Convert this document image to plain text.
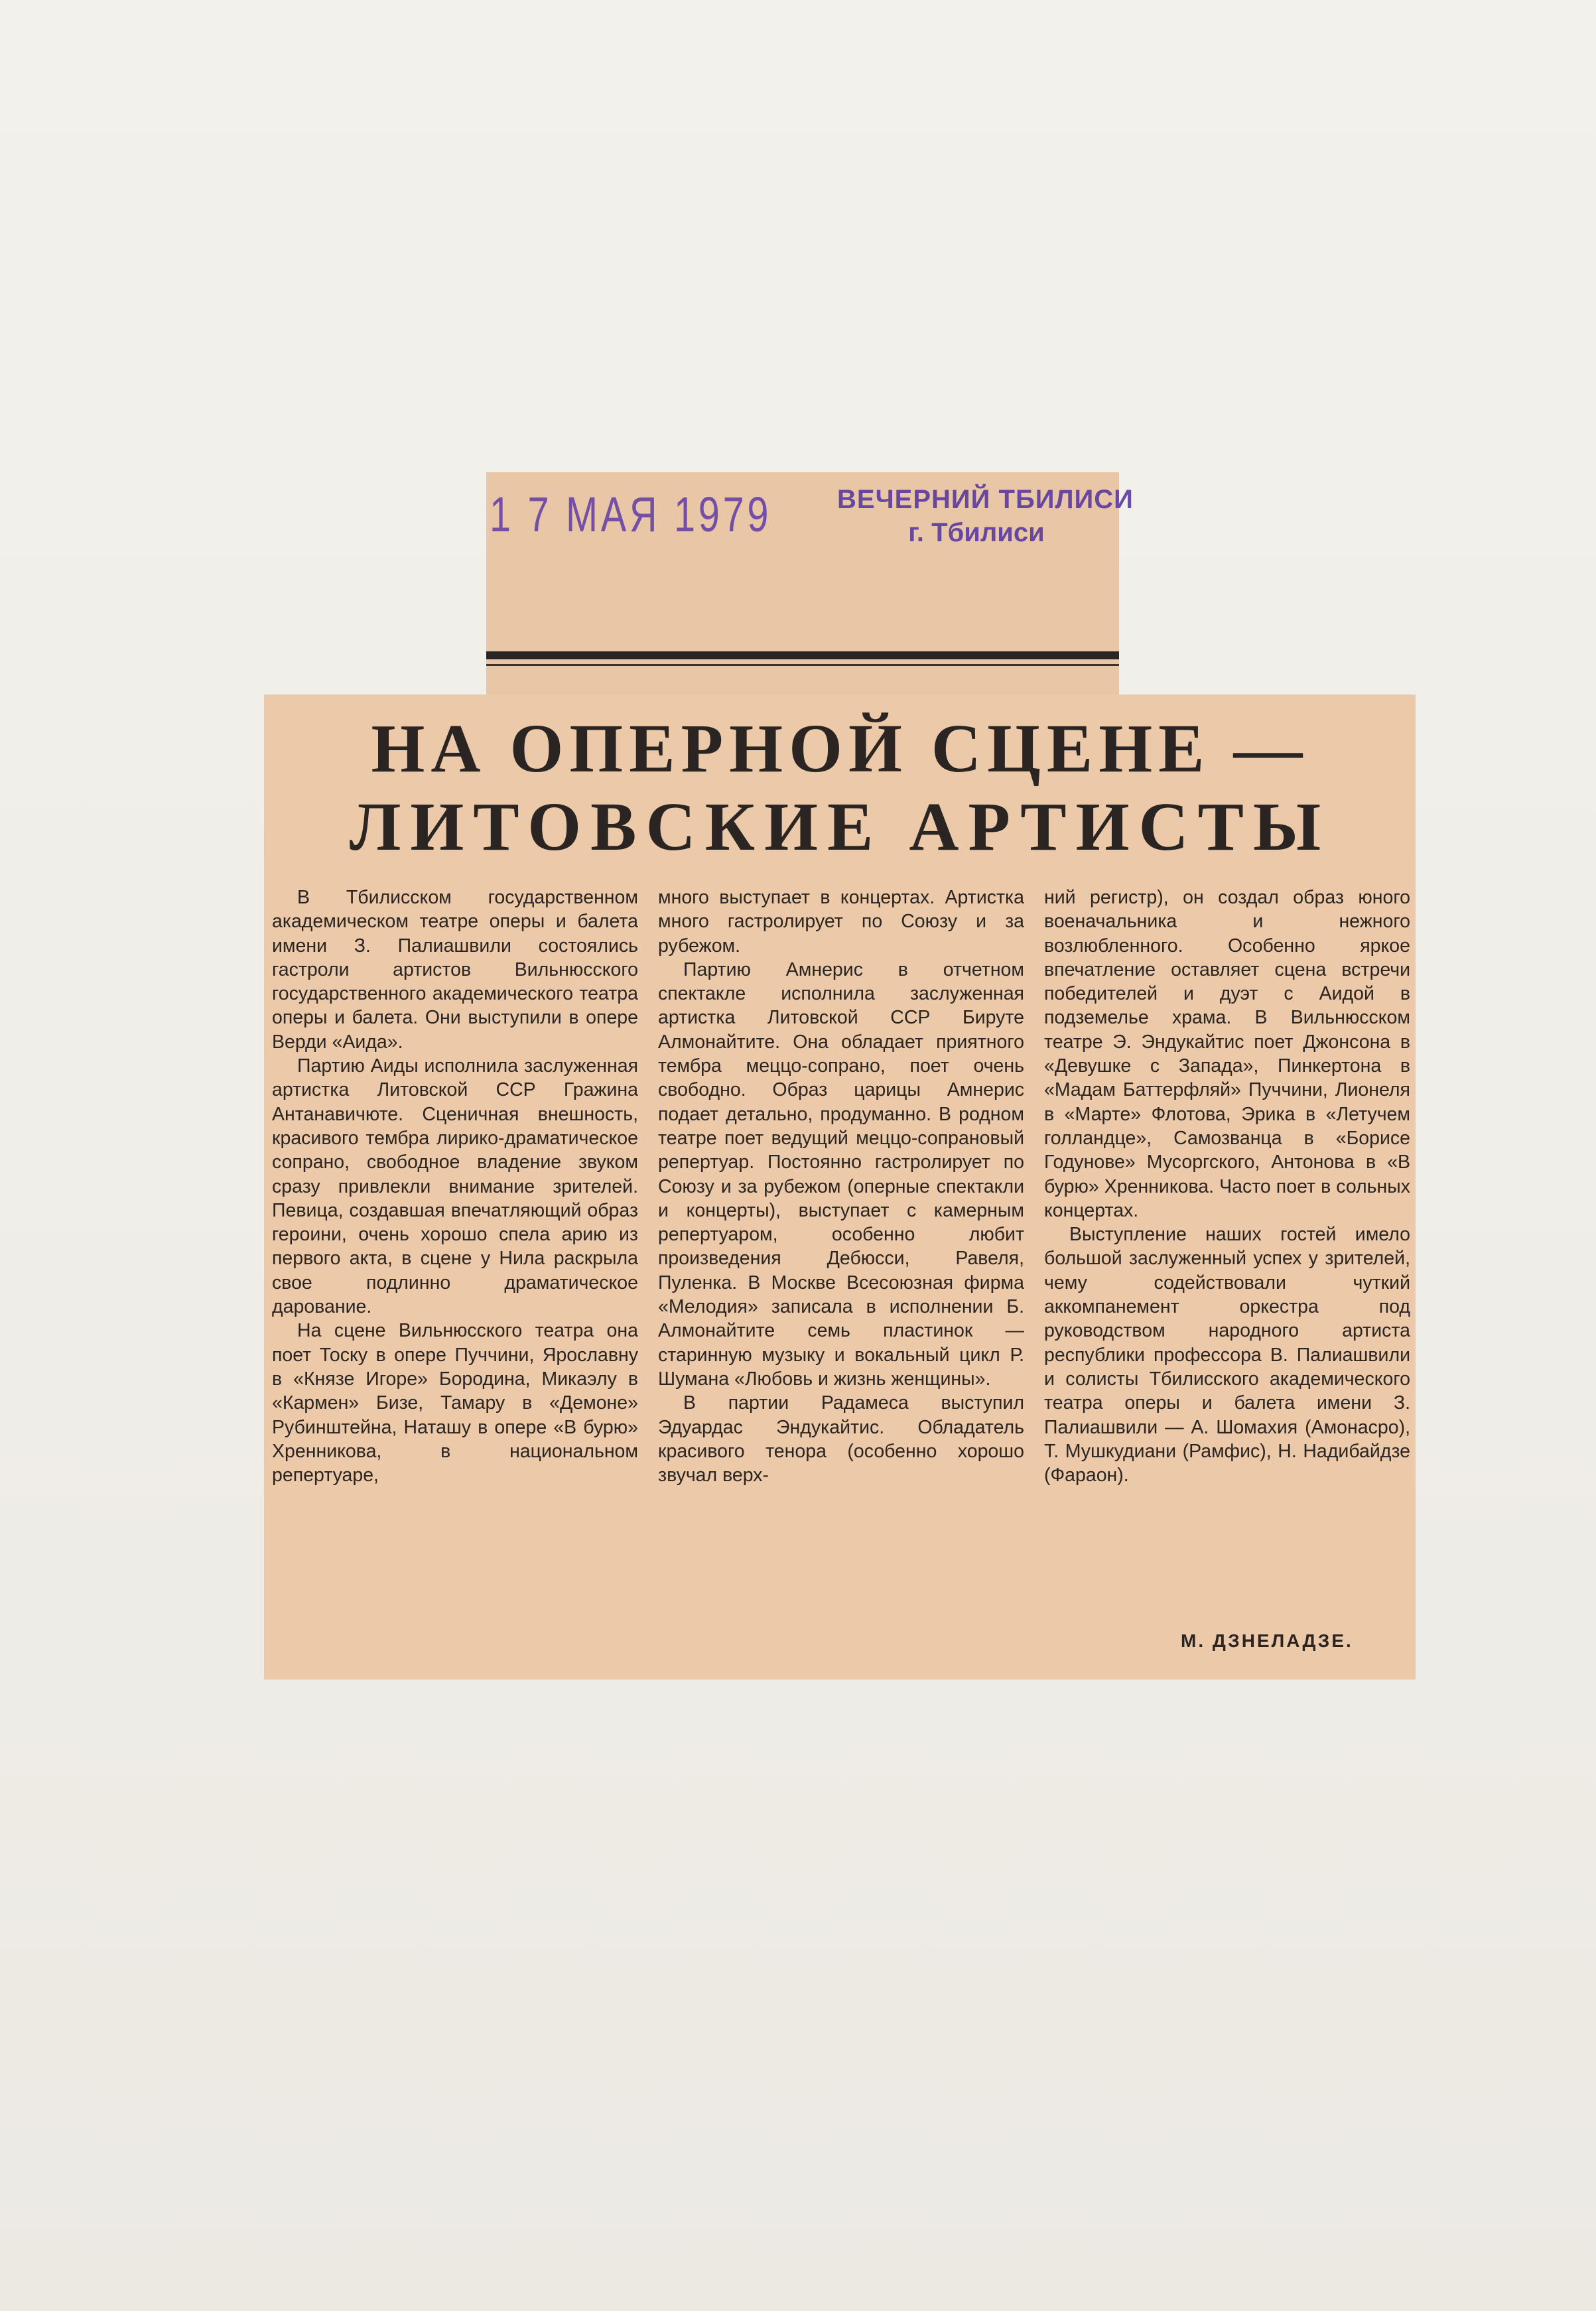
1 7 МАЯ 1979 ВЕЧЕРНИЙ ТБИЛИСИ
г. Тбилиси
НА ОПЕРНОЙ СЦЕНЕ —
ЛИТОВСКИЕ АРТИСТЫ

В Тбилисском государственном академическом театре оперы и балета имени З. Палиашвили состоялись гастроли артистов Вильнюсского государственного академического театра оперы и балета. Они выступили в опере Верди «Аида».

Партию Аиды исполнила заслуженная артистка Литовской ССР Гражина Антанавичюте. Сценичная внешность, красивого тембра лирико-драматическое сопрано, свободное владение звуком сразу привлекли внимание зрителей. Певица, создавшая впечатляющий образ героини, очень хорошо спела арию из первого акта, в сцене у Нила раскрыла свое подлинно драматическое дарование.

На сцене Вильнюсского театра она поет Тоску в опере Пуччини, Ярославну в «Князе Игоре» Бородина, Микаэлу в «Кармен» Бизе, Тамару в «Демоне» Рубинштейна, Наташу в опере «В бурю» Хренникова, в национальном репертуаре,

много выступает в концертах. Артистка много гастролирует по Союзу и за рубежом.

Партию Амнерис в отчетном спектакле исполнила заслуженная артистка Литовской ССР Бируте Алмонайтите. Она обладает приятного тембра меццо-сопрано, поет очень свободно. Образ царицы Амнерис подает детально, продуманно. В родном театре поет ведущий меццо-сопрановый репертуар. Постоянно гастролирует по Союзу и за рубежом (оперные спектакли и концерты), выступает с камерным репертуаром, особенно любит произведения Дебюсси, Равеля, Пуленка. В Москве Всесоюзная фирма «Мелодия» записала в исполнении Б. Алмонайтите семь пластинок — старинную музыку и вокальный цикл Р. Шумана «Любовь и жизнь женщины».

В партии Радамеса выступил Эдуардас Эндукайтис. Обладатель красивого тенора (особенно хорошо звучал верх-

ний регистр), он создал образ юного военачальника и нежного возлюбленного. Особенно яркое впечатление оставляет сцена встречи победителей и дуэт с Аидой в подземелье храма. В Вильнюсском театре Э. Эндукайтис поет Джонсона в «Девушке с Запада», Пинкертона в «Мадам Баттерфляй» Пуччини, Лионеля в «Марте» Флотова, Эрика в «Летучем голландце», Самозванца в «Борисе Годунове» Мусоргского, Антонова в «В бурю» Хренникова. Часто поет в сольных концертах.

Выступление наших гостей имело большой заслуженный успех у зрителей, чему содействовали чуткий аккомпанемент оркестра под руководством народного артиста республики профессора В. Палиашвили и солисты Тбилисского академического театра оперы и балета имени З. Палиашвили — А. Шомахия (Амонасро), Т. Мушкудиани (Рамфис), Н. Надибайдзе (Фараон).

М. ДЗНЕЛАДЗЕ.
